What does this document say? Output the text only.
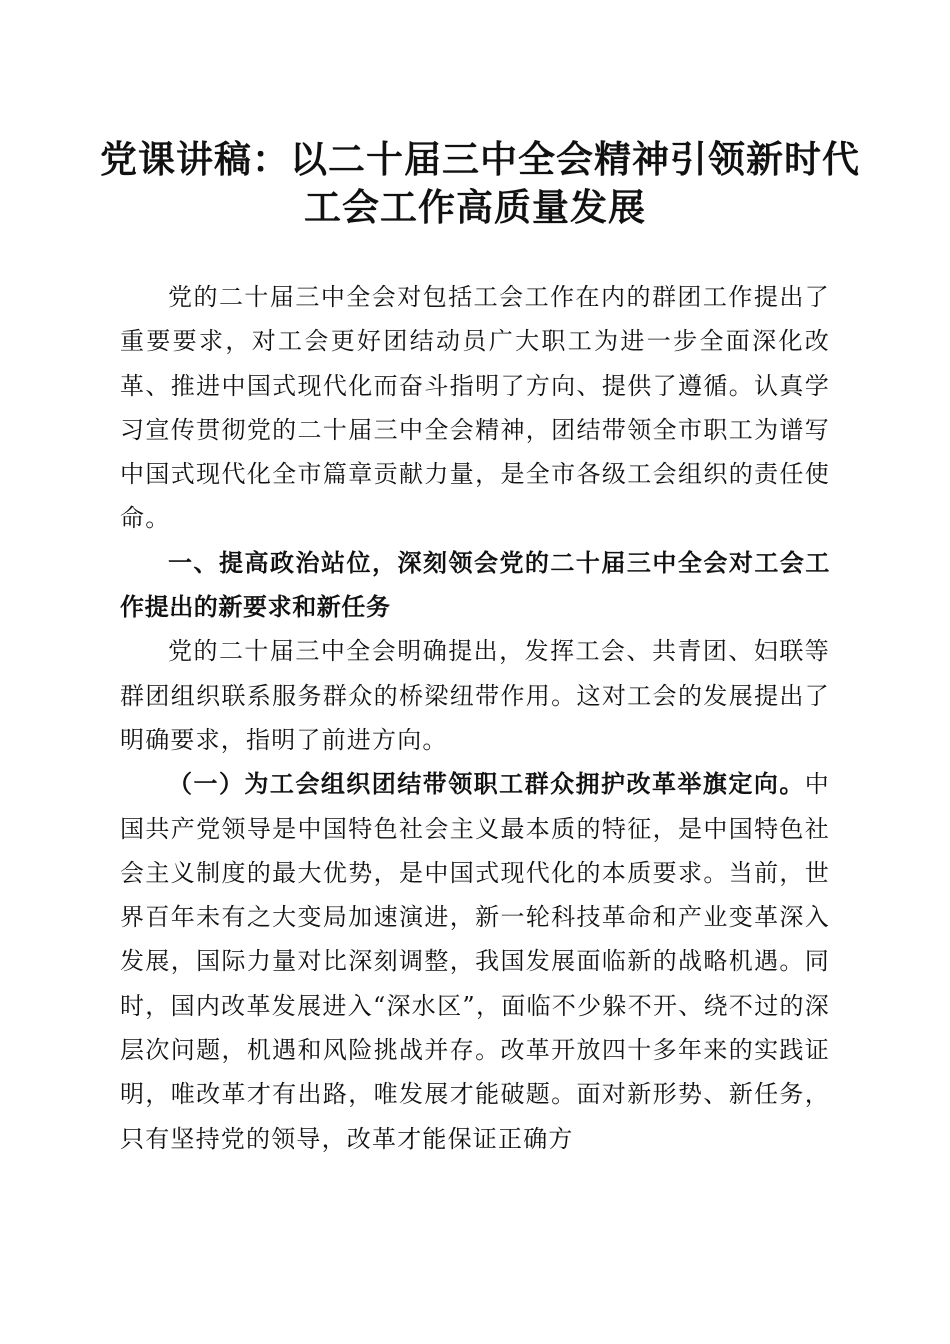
党课讲稿：以二十届三中全会精神引领新时代
工会工作高质量发展

党的二十届三中全会对包括工会工作在内的群团工作提出了重要要求，对工会更好团结动员广大职工为进一步全面深化改革、推进中国式现代化而奋斗指明了方向、提供了遵循。认真学习宣传贯彻党的二十届三中全会精神，团结带领全市职工为谱写中国式现代化全市篇章贡献力量，是全市各级工会组织的责任使命。

一、提高政治站位，深刻领会党的二十届三中全会对工会工作提出的新要求和新任务

党的二十届三中全会明确提出，发挥工会、共青团、妇联等群团组织联系服务群众的桥梁纽带作用。这对工会的发展提出了明确要求，指明了前进方向。

（一）为工会组织团结带领职工群众拥护改革举旗定向。中国共产党领导是中国特色社会主义最本质的特征，是中国特色社会主义制度的最大优势，是中国式现代化的本质要求。当前，世界百年未有之大变局加速演进，新一轮科技革命和产业变革深入发展，国际力量对比深刻调整，我国发展面临新的战略机遇。同时，国内改革发展进入“深水区”，面临不少躲不开、绕不过的深层次问题，机遇和风险挑战并存。改革开放四十多年来的实践证明，唯改革才有出路，唯发展才能破题。面对新形势、新任务，只有坚持党的领导，改革才能保证正确方
